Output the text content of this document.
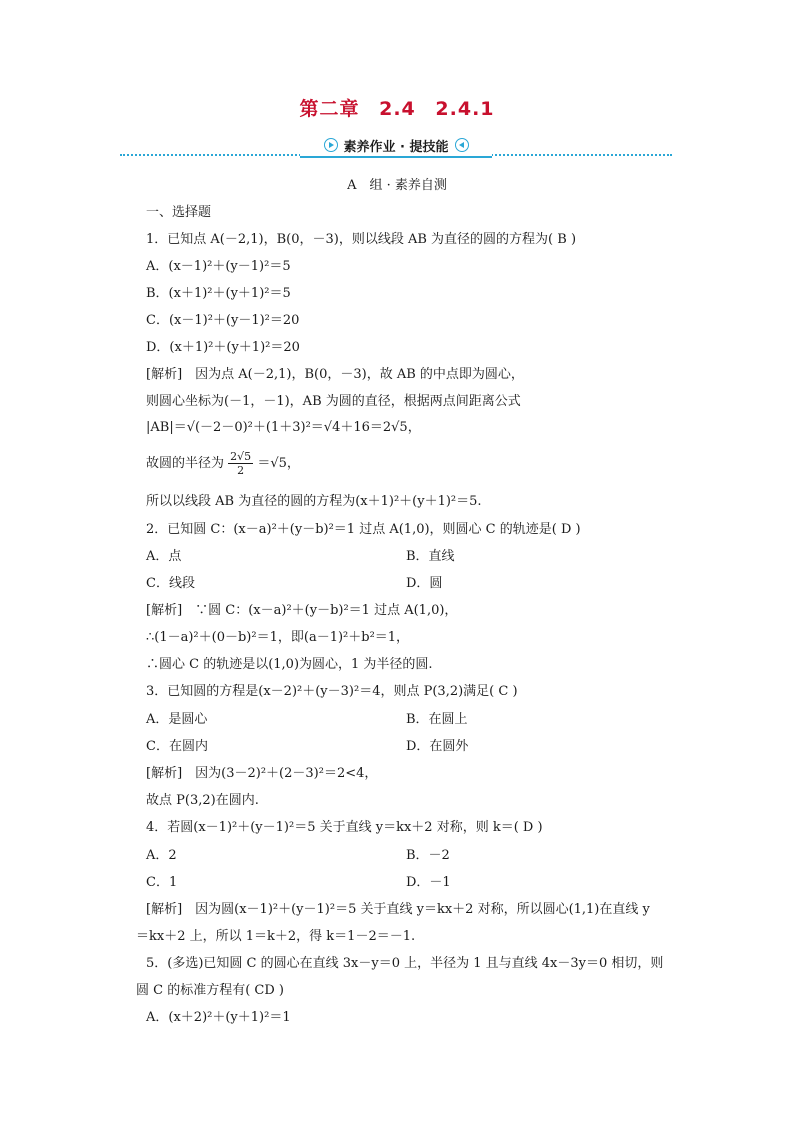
第二章 2.4 2.4.1
素养作业 · 提技能
A　组 · 素养自测
一、选择题
1．已知点 A(－2,1)，B(0，－3)，则以线段 AB 为直径的圆的方程为( B )
A．(x－1)²＋(y－1)²＝5
B．(x＋1)²＋(y＋1)²＝5
C．(x－1)²＋(y－1)²＝20
D．(x＋1)²＋(y＋1)²＝20
[解析]　因为点 A(－2,1)，B(0，－3)，故 AB 的中点即为圆心，
则圆心坐标为(－1，－1)，AB 为圆的直径，根据两点间距离公式
|AB|＝√(－2－0)²＋(1＋3)²＝√4＋16＝2√5，
故圆的半径为 $\frac{2√5}{2} =√5$，
所以以线段 AB 为直径的圆的方程为(x＋1)²＋(y＋1)²＝5.
2．已知圆 C：(x－a)²＋(y－b)²＝1 过点 A(1,0)，则圆心 C 的轨迹是( D )
A．点	B．直线
C．线段	D．圆
[解析]　∵圆 C：(x－a)²＋(y－b)²＝1 过点 A(1,0)，
∴(1－a)²＋(0－b)²＝1，即(a－1)²＋b²＝1，
∴圆心 C 的轨迹是以(1,0)为圆心，1 为半径的圆.
3．已知圆的方程是(x－2)²＋(y－3)²＝4，则点 P(3,2)满足( C )
A．是圆心	B．在圆上
C．在圆内	D．在圆外
[解析]　因为(3－2)²＋(2－3)²＝2<4，
故点 P(3,2)在圆内.
4．若圆(x－1)²＋(y－1)²＝5 关于直线 y＝kx＋2 对称，则 k＝( D )
A．2	B．－2
C．1	D．－1
[解析]　因为圆(x－1)²＋(y－1)²＝5 关于直线 y＝kx＋2 对称，所以圆心(1,1)在直线 y
＝kx＋2 上，所以 1＝k＋2，得 k＝1－2＝－1.
5．(多选)已知圆 C 的圆心在直线 3x－y＝0 上，半径为 1 且与直线 4x－3y＝0 相切，则
圆 C 的标准方程有( CD )
A．(x＋2)²＋(y＋1)²＝1
